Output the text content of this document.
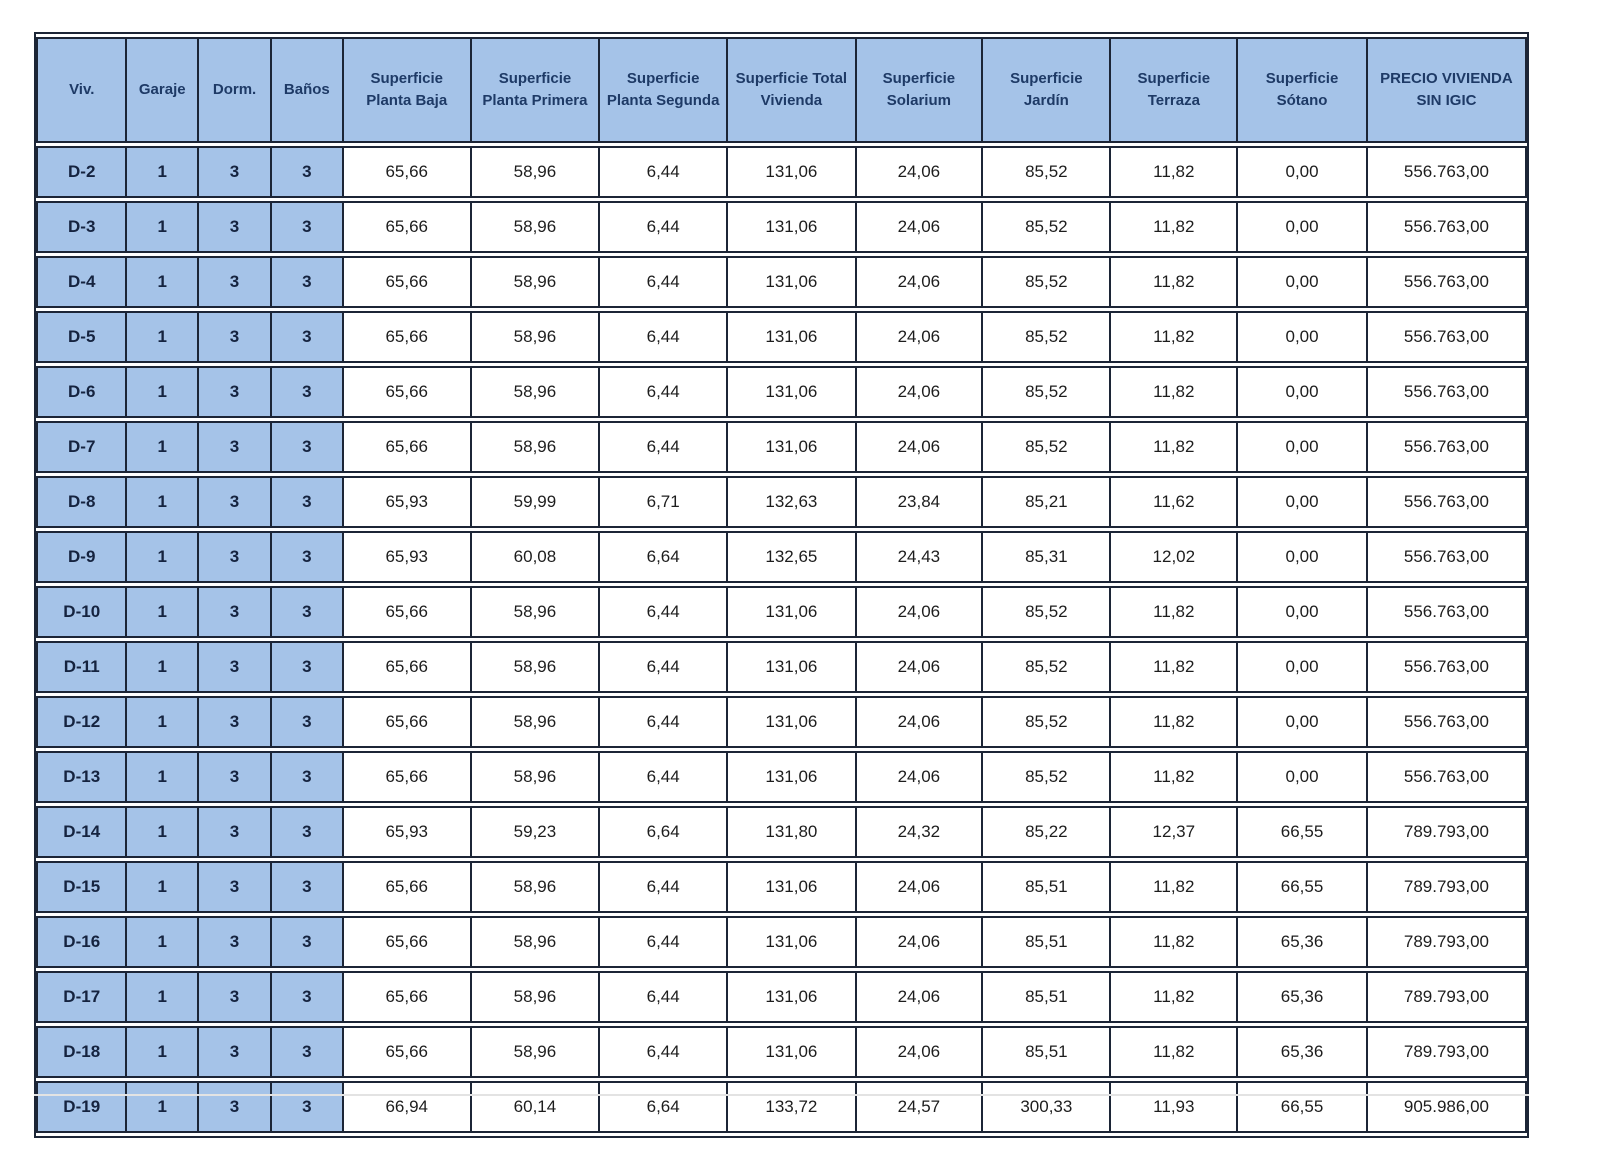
Viv.	Garaje	Dorm.	Baños	Superficie Planta Baja	Superficie Planta Primera	Superficie Planta Segunda	Superficie Total Vivienda	Superficie Solarium	Superficie Jardín	Superficie Terraza	Superficie Sótano	PRECIO VIVIENDA SIN IGIC
D-2	1	3	3	65,66	58,96	6,44	131,06	24,06	85,52	11,82	0,00	556.763,00
D-3	1	3	3	65,66	58,96	6,44	131,06	24,06	85,52	11,82	0,00	556.763,00
D-4	1	3	3	65,66	58,96	6,44	131,06	24,06	85,52	11,82	0,00	556.763,00
D-5	1	3	3	65,66	58,96	6,44	131,06	24,06	85,52	11,82	0,00	556.763,00
D-6	1	3	3	65,66	58,96	6,44	131,06	24,06	85,52	11,82	0,00	556.763,00
D-7	1	3	3	65,66	58,96	6,44	131,06	24,06	85,52	11,82	0,00	556.763,00
D-8	1	3	3	65,93	59,99	6,71	132,63	23,84	85,21	11,62	0,00	556.763,00
D-9	1	3	3	65,93	60,08	6,64	132,65	24,43	85,31	12,02	0,00	556.763,00
D-10	1	3	3	65,66	58,96	6,44	131,06	24,06	85,52	11,82	0,00	556.763,00
D-11	1	3	3	65,66	58,96	6,44	131,06	24,06	85,52	11,82	0,00	556.763,00
D-12	1	3	3	65,66	58,96	6,44	131,06	24,06	85,52	11,82	0,00	556.763,00
D-13	1	3	3	65,66	58,96	6,44	131,06	24,06	85,52	11,82	0,00	556.763,00
D-14	1	3	3	65,93	59,23	6,64	131,80	24,32	85,22	12,37	66,55	789.793,00
D-15	1	3	3	65,66	58,96	6,44	131,06	24,06	85,51	11,82	66,55	789.793,00
D-16	1	3	3	65,66	58,96	6,44	131,06	24,06	85,51	11,82	65,36	789.793,00
D-17	1	3	3	65,66	58,96	6,44	131,06	24,06	85,51	11,82	65,36	789.793,00
D-18	1	3	3	65,66	58,96	6,44	131,06	24,06	85,51	11,82	65,36	789.793,00
D-19	1	3	3	66,94	60,14	6,64	133,72	24,57	300,33	11,93	66,55	905.986,00
